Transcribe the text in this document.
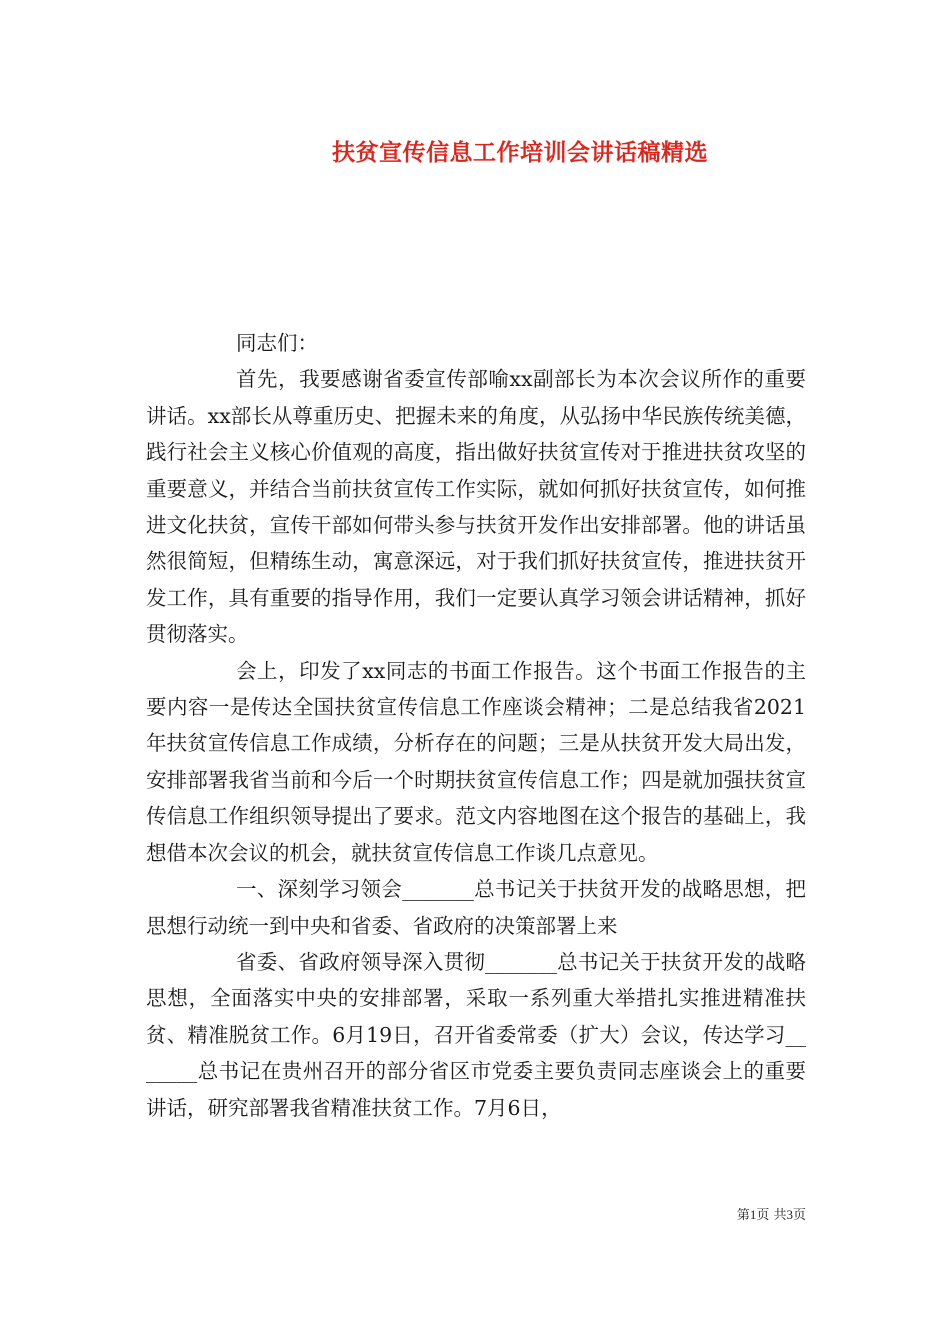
扶贫宣传信息工作培训会讲话稿精选

同志们：

首先，我要感谢省委宣传部喻xx副部长为本次会议所作的重要讲话。xx部长从尊重历史、把握未来的角度，从弘扬中华民族传统美德，践行社会主义核心价值观的高度，指出做好扶贫宣传对于推进扶贫攻坚的重要意义，并结合当前扶贫宣传工作实际，就如何抓好扶贫宣传，如何推进文化扶贫，宣传干部如何带头参与扶贫开发作出安排部署。他的讲话虽然很简短，但精练生动，寓意深远，对于我们抓好扶贫宣传，推进扶贫开发工作，具有重要的指导作用，我们一定要认真学习领会讲话精神，抓好贯彻落实。

会上，印发了xx同志的书面工作报告。这个书面工作报告的主要内容一是传达全国扶贫宣传信息工作座谈会精神；二是总结我省2021年扶贫宣传信息工作成绩，分析存在的问题；三是从扶贫开发大局出发，安排部署我省当前和今后一个时期扶贫宣传信息工作；四是就加强扶贫宣传信息工作组织领导提出了要求。范文内容地图在这个报告的基础上，我想借本次会议的机会，就扶贫宣传信息工作谈几点意见。

一、深刻学习领会_______总书记关于扶贫开发的战略思想，把思想行动统一到中央和省委、省政府的决策部署上来

省委、省政府领导深入贯彻_______总书记关于扶贫开发的战略思想，全面落实中央的安排部署，采取一系列重大举措扎实推进精准扶贫、精准脱贫工作。6月19日，召开省委常委（扩大）会议，传达学习_______总书记在贵州召开的部分省区市党委主要负责同志座谈会上的重要讲话，研究部署我省精准扶贫工作。7月6日，

第1页 共3页
